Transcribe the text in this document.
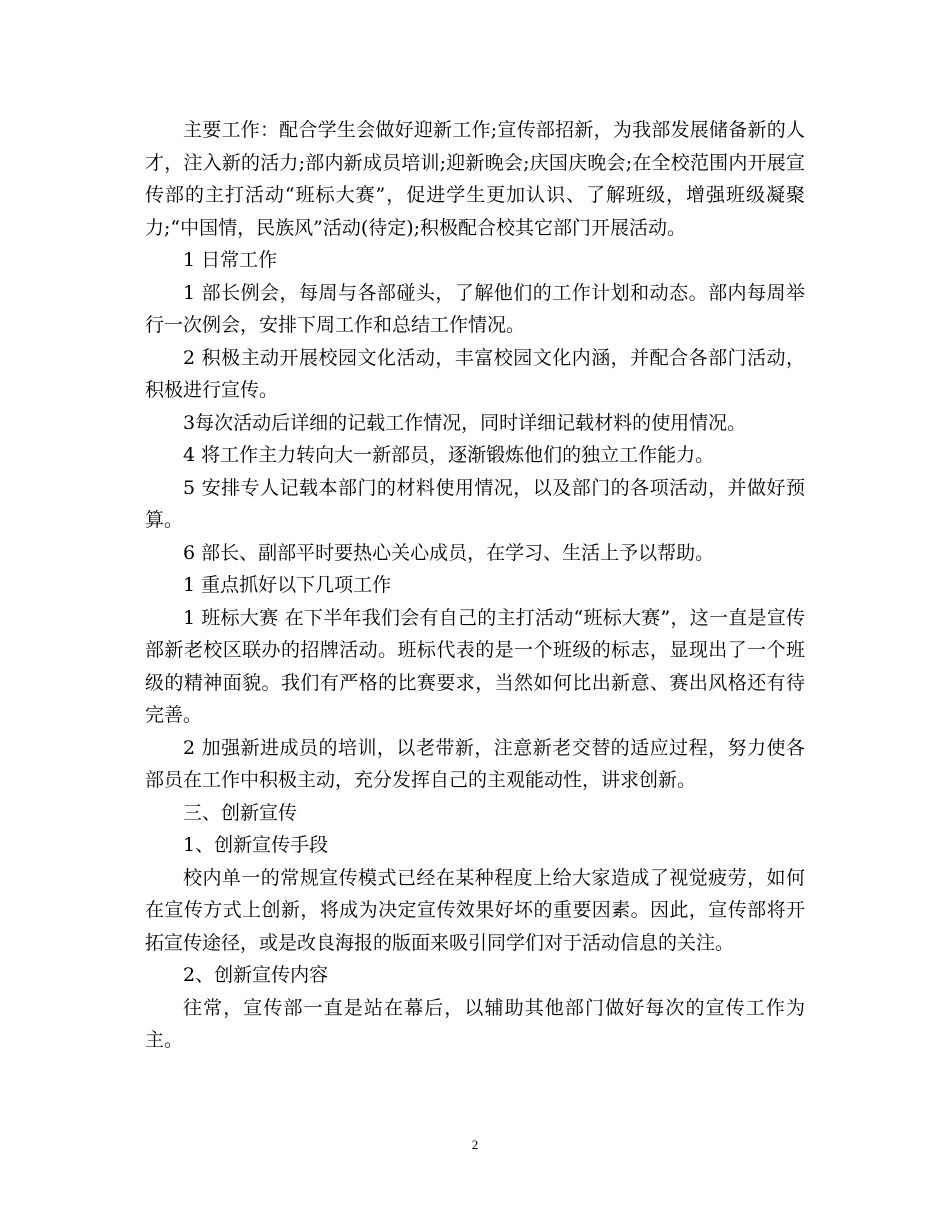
主要工作：配合学生会做好迎新工作;宣传部招新，为我部发展储备新的人才，注入新的活力;部内新成员培训;迎新晚会;庆国庆晚会;在全校范围内开展宣传部的主打活动“班标大赛”，促进学生更加认识、了解班级，增强班级凝聚力;“中国情，民族风”活动(待定);积极配合校其它部门开展活动。

1 日常工作

1 部长例会，每周与各部碰头，了解他们的工作计划和动态。部内每周举行一次例会，安排下周工作和总结工作情况。

2 积极主动开展校园文化活动，丰富校园文化内涵，并配合各部门活动，积极进行宣传。

3每次活动后详细的记载工作情况，同时详细记载材料的使用情况。

4 将工作主力转向大一新部员，逐渐锻炼他们的独立工作能力。

5 安排专人记载本部门的材料使用情况，以及部门的各项活动，并做好预算。

6 部长、副部平时要热心关心成员，在学习、生活上予以帮助。

1 重点抓好以下几项工作

1 班标大赛 在下半年我们会有自己的主打活动“班标大赛”，这一直是宣传部新老校区联办的招牌活动。班标代表的是一个班级的标志，显现出了一个班级的精神面貌。我们有严格的比赛要求，当然如何比出新意、赛出风格还有待完善。

2 加强新进成员的培训，以老带新，注意新老交替的适应过程，努力使各部员在工作中积极主动，充分发挥自己的主观能动性，讲求创新。

三、创新宣传

1、创新宣传手段

校内单一的常规宣传模式已经在某种程度上给大家造成了视觉疲劳，如何在宣传方式上创新，将成为决定宣传效果好坏的重要因素。因此，宣传部将开拓宣传途径，或是改良海报的版面来吸引同学们对于活动信息的关注。

2、创新宣传内容

往常，宣传部一直是站在幕后，以辅助其他部门做好每次的宣传工作为主。

2
